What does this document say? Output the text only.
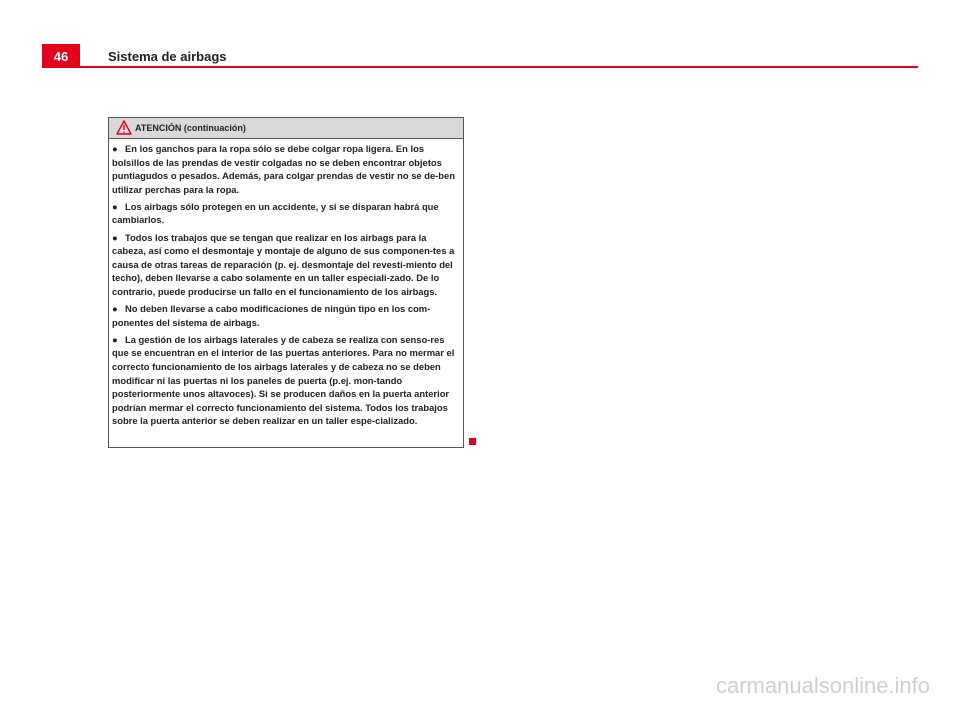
46	Sistema de airbags
ATENCIÓN (continuación)

● En los ganchos para la ropa sólo se debe colgar ropa ligera. En los bolsillos de las prendas de vestir colgadas no se deben encontrar objetos puntiagudos o pesados. Además, para colgar prendas de vestir no se de-ben utilizar perchas para la ropa.

● Los airbags sólo protegen en un accidente, y si se disparan habrá que cambiarlos.

● Todos los trabajos que se tengan que realizar en los airbags para la cabeza, así como el desmontaje y montaje de alguno de sus componen-tes a causa de otras tareas de reparación (p. ej. desmontaje del revesti-miento del techo), deben llevarse a cabo solamente en un taller especiali-zado. De lo contrario, puede producirse un fallo en el funcionamiento de los airbags.

● No deben llevarse a cabo modificaciones de ningún tipo en los com-ponentes del sistema de airbags.

● La gestión de los airbags laterales y de cabeza se realiza con senso-res que se encuentran en el interior de las puertas anteriores. Para no mermar el correcto funcionamiento de los airbags laterales y de cabeza no se deben modificar ni las puertas ni los paneles de puerta (p.ej. mon-tando posteriormente unos altavoces). Si se producen daños en la puerta anterior podrían mermar el correcto funcionamiento del sistema. Todos los trabajos sobre la puerta anterior se deben realizar en un taller espe-cializado.

carmanualsonline.info
